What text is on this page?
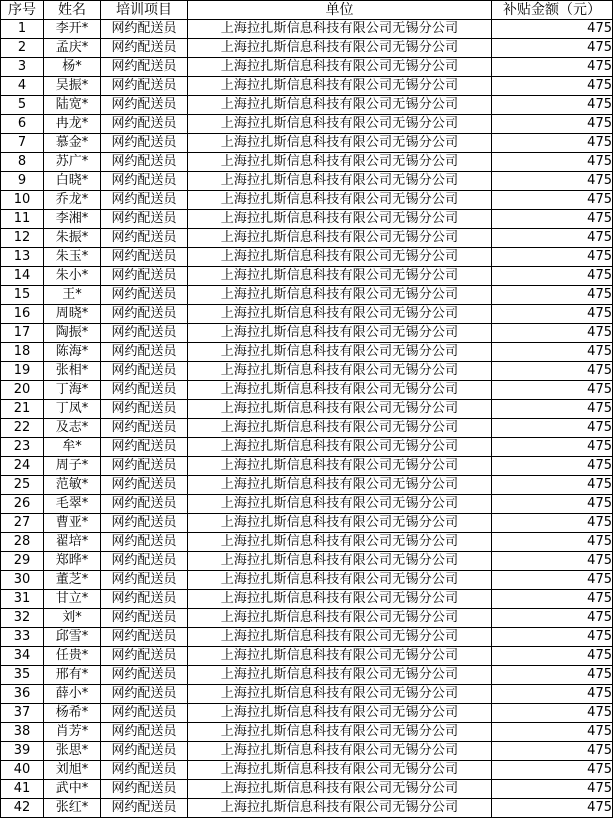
序号	姓名	培训项目	单位	补贴金额（元）
1	李开*	网约配送员	上海拉扎斯信息科技有限公司无锡分公司	475
2	孟庆*	网约配送员	上海拉扎斯信息科技有限公司无锡分公司	475
3	杨*	网约配送员	上海拉扎斯信息科技有限公司无锡分公司	475
4	吴振*	网约配送员	上海拉扎斯信息科技有限公司无锡分公司	475
5	陆宽*	网约配送员	上海拉扎斯信息科技有限公司无锡分公司	475
6	冉龙*	网约配送员	上海拉扎斯信息科技有限公司无锡分公司	475
7	慕金*	网约配送员	上海拉扎斯信息科技有限公司无锡分公司	475
8	苏广*	网约配送员	上海拉扎斯信息科技有限公司无锡分公司	475
9	白晓*	网约配送员	上海拉扎斯信息科技有限公司无锡分公司	475
10	乔龙*	网约配送员	上海拉扎斯信息科技有限公司无锡分公司	475
11	李湘*	网约配送员	上海拉扎斯信息科技有限公司无锡分公司	475
12	朱振*	网约配送员	上海拉扎斯信息科技有限公司无锡分公司	475
13	朱玉*	网约配送员	上海拉扎斯信息科技有限公司无锡分公司	475
14	朱小*	网约配送员	上海拉扎斯信息科技有限公司无锡分公司	475
15	王*	网约配送员	上海拉扎斯信息科技有限公司无锡分公司	475
16	周晓*	网约配送员	上海拉扎斯信息科技有限公司无锡分公司	475
17	陶振*	网约配送员	上海拉扎斯信息科技有限公司无锡分公司	475
18	陈海*	网约配送员	上海拉扎斯信息科技有限公司无锡分公司	475
19	张相*	网约配送员	上海拉扎斯信息科技有限公司无锡分公司	475
20	丁海*	网约配送员	上海拉扎斯信息科技有限公司无锡分公司	475
21	丁凤*	网约配送员	上海拉扎斯信息科技有限公司无锡分公司	475
22	及志*	网约配送员	上海拉扎斯信息科技有限公司无锡分公司	475
23	牟*	网约配送员	上海拉扎斯信息科技有限公司无锡分公司	475
24	周子*	网约配送员	上海拉扎斯信息科技有限公司无锡分公司	475
25	范敏*	网约配送员	上海拉扎斯信息科技有限公司无锡分公司	475
26	毛翠*	网约配送员	上海拉扎斯信息科技有限公司无锡分公司	475
27	曹亚*	网约配送员	上海拉扎斯信息科技有限公司无锡分公司	475
28	翟培*	网约配送员	上海拉扎斯信息科技有限公司无锡分公司	475
29	郑晔*	网约配送员	上海拉扎斯信息科技有限公司无锡分公司	475
30	董芝*	网约配送员	上海拉扎斯信息科技有限公司无锡分公司	475
31	甘立*	网约配送员	上海拉扎斯信息科技有限公司无锡分公司	475
32	刘*	网约配送员	上海拉扎斯信息科技有限公司无锡分公司	475
33	邱雪*	网约配送员	上海拉扎斯信息科技有限公司无锡分公司	475
34	任贵*	网约配送员	上海拉扎斯信息科技有限公司无锡分公司	475
35	邢有*	网约配送员	上海拉扎斯信息科技有限公司无锡分公司	475
36	薛小*	网约配送员	上海拉扎斯信息科技有限公司无锡分公司	475
37	杨希*	网约配送员	上海拉扎斯信息科技有限公司无锡分公司	475
38	肖芳*	网约配送员	上海拉扎斯信息科技有限公司无锡分公司	475
39	张思*	网约配送员	上海拉扎斯信息科技有限公司无锡分公司	475
40	刘旭*	网约配送员	上海拉扎斯信息科技有限公司无锡分公司	475
41	武中*	网约配送员	上海拉扎斯信息科技有限公司无锡分公司	475
42	张红*	网约配送员	上海拉扎斯信息科技有限公司无锡分公司	475
